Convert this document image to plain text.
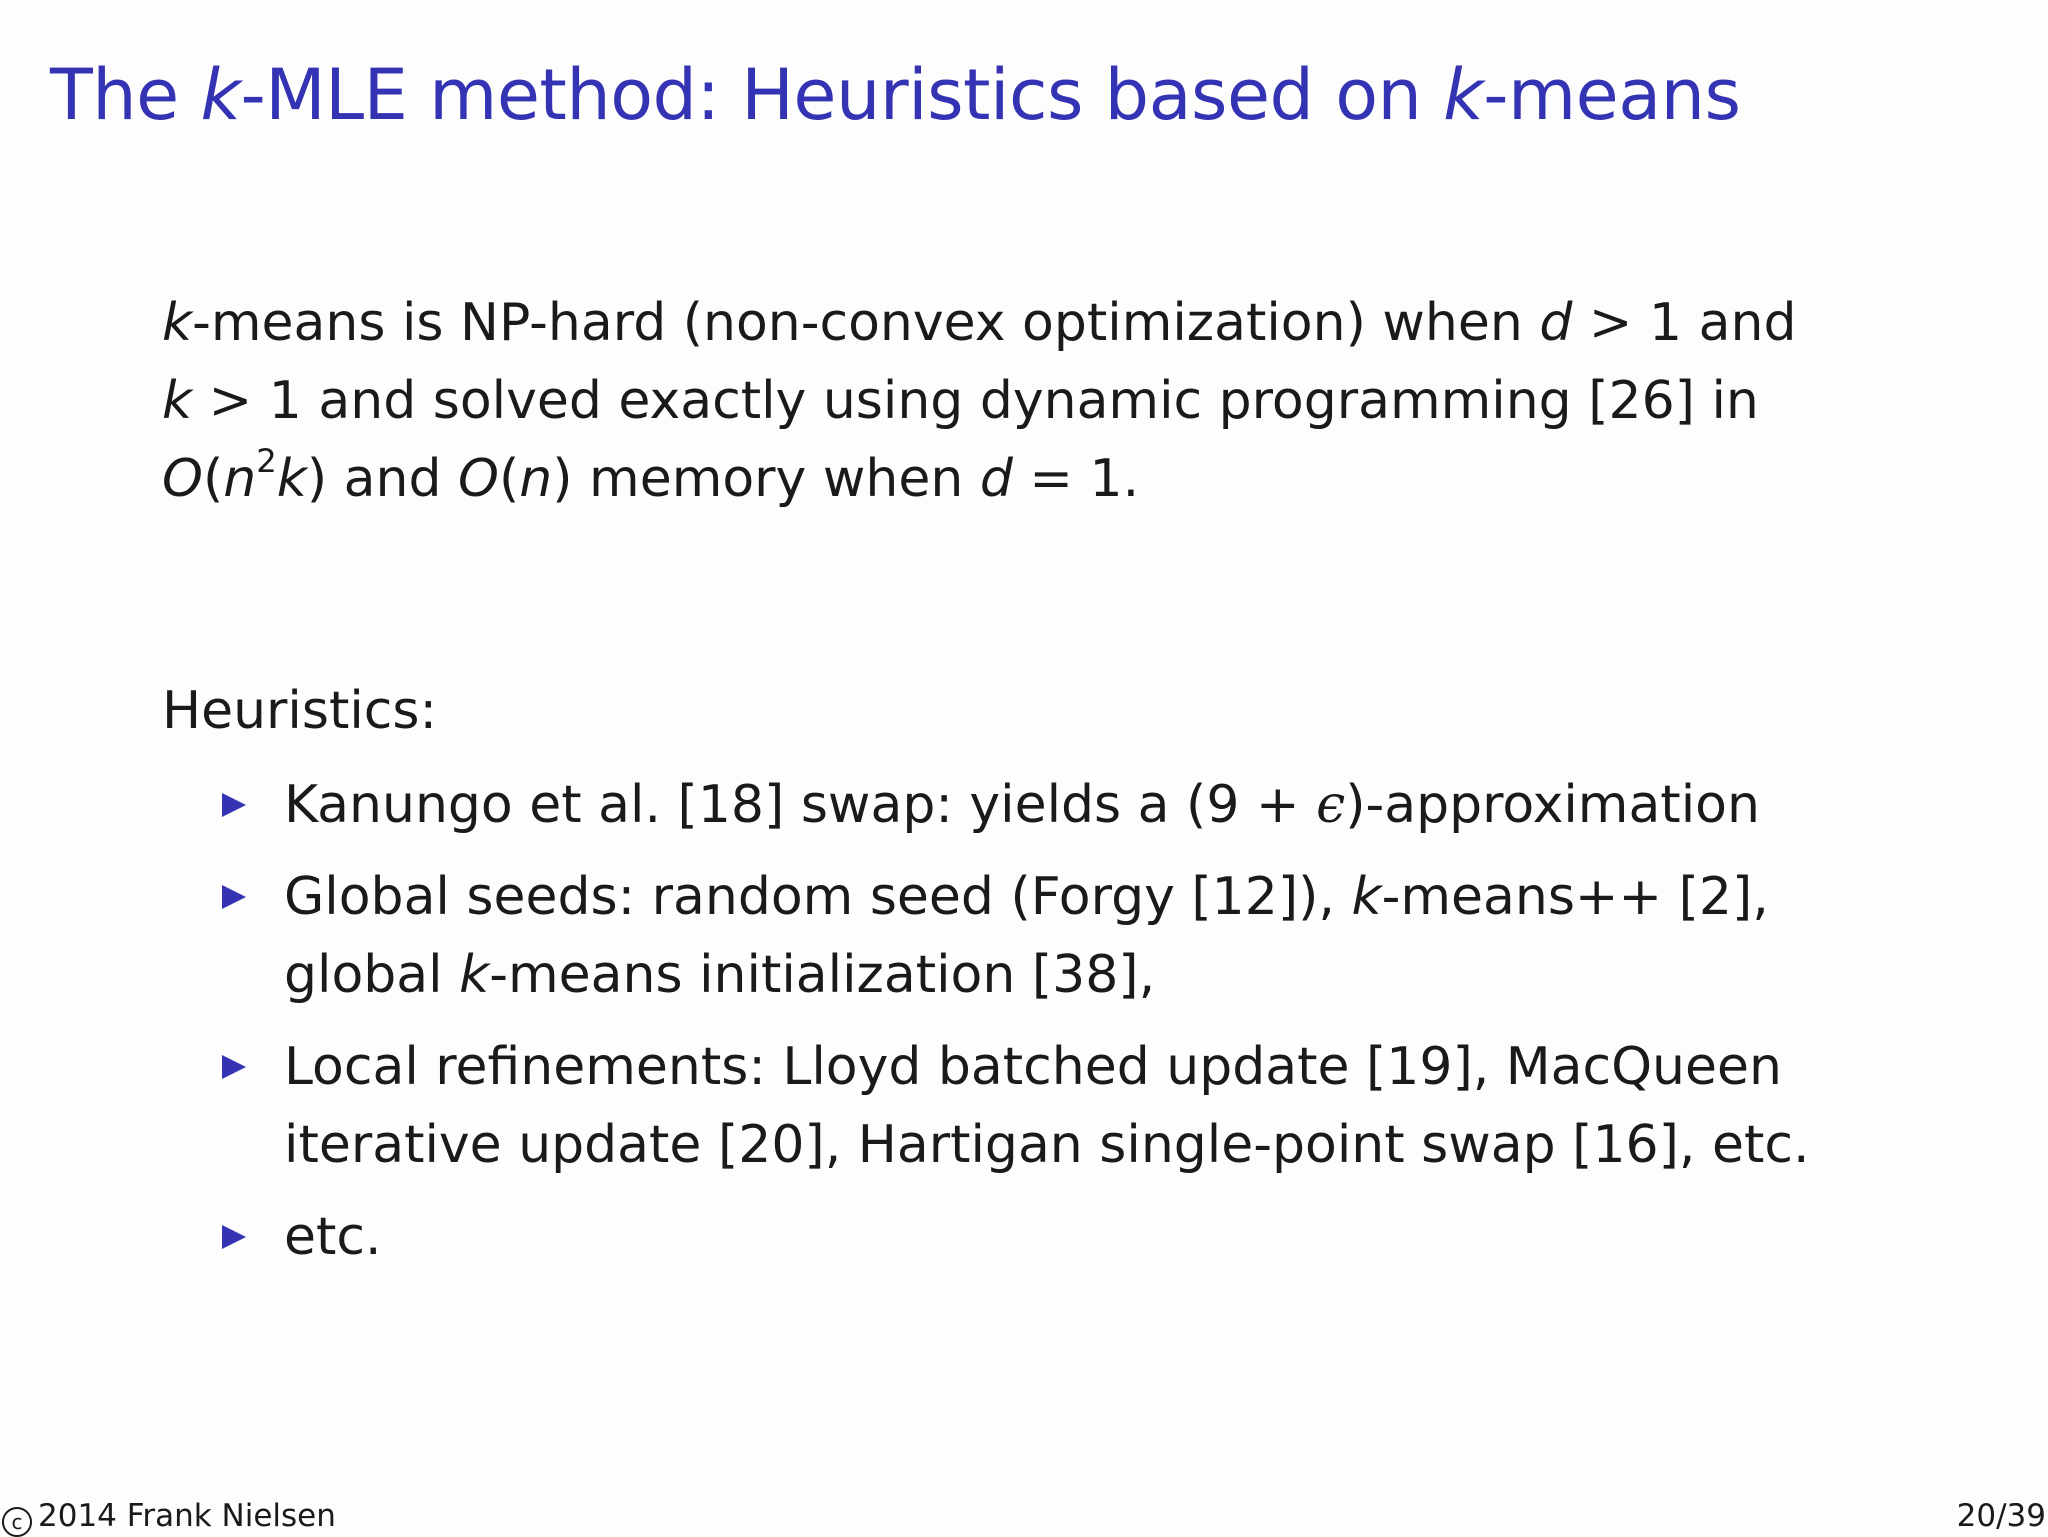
The k-MLE method: Heuristics based on k-means
k-means is NP-hard (non-convex optimization) when d > 1 and
k > 1 and solved exactly using dynamic programming [26] in
$O(n^2k)$ and O(n) memory when d = 1.
Heuristics:
Kanungo et al. [18] swap: yields a (9 + ϵ)-approximation
Global seeds: random seed (Forgy [12]), k-means++ [2],
global k-means initialization [38],
Local refinements: Lloyd batched update [19], MacQueen
iterative update [20], Hartigan single-point swap [16], etc.
etc.
c 2014 Frank Nielsen	20/39
